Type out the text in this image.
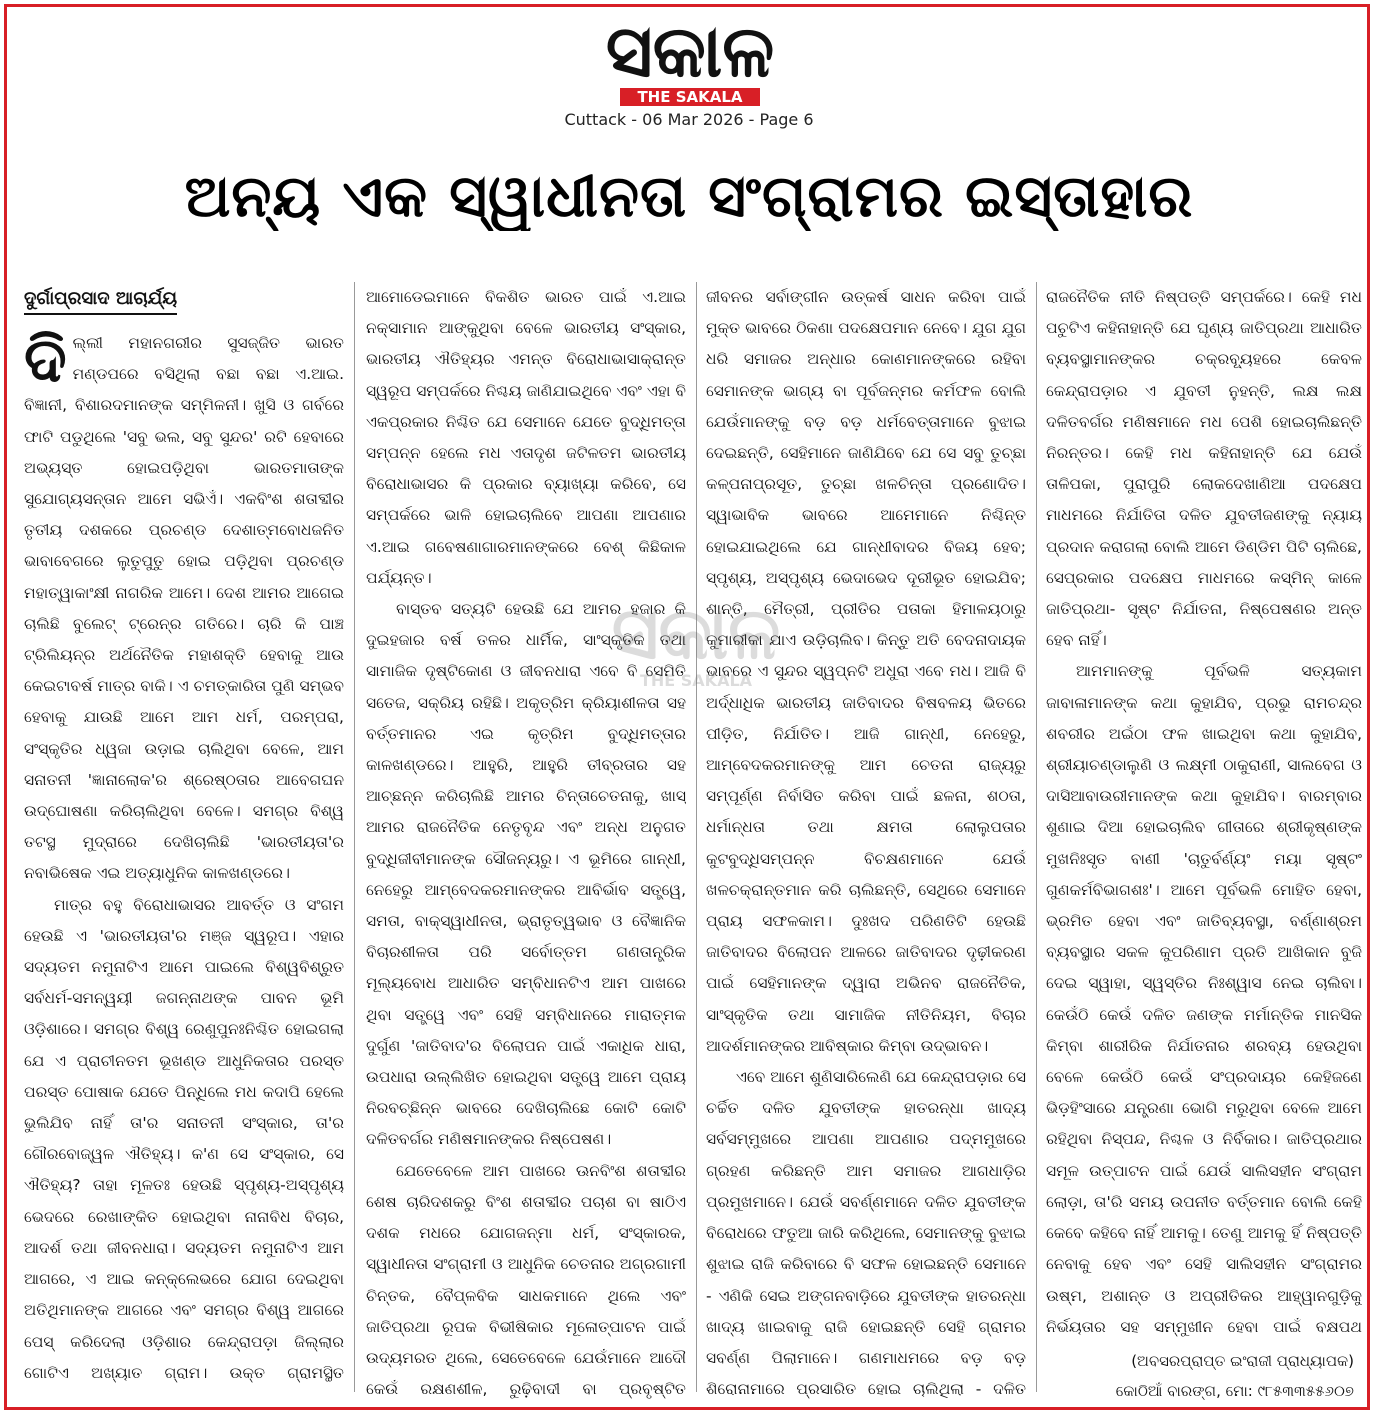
ସକାଳ
THE SAKALA
Cuttack - 06 Mar 2026 - Page 6
ଅନ୍ୟ ଏକ ସ୍ୱାଧୀନତା ସଂଗ୍ରାମର ଇସ୍ତାହାର
ଦୁର୍ଗାପ୍ରସାଦ ଆଚାର୍ଯ୍ୟ

ଦିଲ୍ଲୀ ମହାନଗରୀର ସୁସଜ୍ଜିତ ଭାରତ ମଣ୍ଡପରେ ବସିଥିଲା ବଛା ବଛା ଏ.ଆଇ. ବିଜ୍ଞାନୀ, ବିଶାରଦମାନଙ୍କ ସମ୍ମିଳନୀ। ଖୁସି ଓ ଗର୍ବରେ ଫାଟି ପଡୁଥିଲେ 'ସବୁ ଭଲ, ସବୁ ସୁନ୍ଦର' ରଟି ହେବାରେ ଅଭ୍ୟସ୍ତ ହୋଇପଡ଼ିଥିବା ଭାରତମାତାଙ୍କ ସୁଯୋଗ୍ୟସନ୍ତାନ ଆମେ ସଭିଏଁ। ଏକବିଂଶ ଶତାବ୍ଦୀର ତୃତୀୟ ଦଶକରେ ପ୍ରଚଣ୍ଡ ଦେଶାତ୍ମବୋଧଜନିତ ଭାବାବେଗରେ ଲୁତୁପୁତୁ ହୋଇ ପଡ଼ିଥିବା ପ୍ରଚଣ୍ଡ ମହାତ୍ୱାକାଂକ୍ଷୀ ନାଗରିକ ଆମେ। ଦେଶ ଆମର ଆଗେଇ ଚାଲିଛି ବୁଲେଟ୍ ଟ୍ରେନ୍‌ର ଗତିରେ। ଚାରି କି ପାଞ୍ଚ ଟ୍ରିଲିୟନ୍‌ର ଅର୍ଥନୈତିକ ମହାଶକ୍ତି ହେବାକୁ ଆଉ କେଇଟାବର୍ଷ ମାତ୍ର ବାକି। ଏ ଚମତ୍କାରିତା ପୁଣି ସମ୍ଭବ ହେବାକୁ ଯାଉଛି ଆମେ ଆମ ଧର୍ମ, ପରମ୍ପରା, ସଂସ୍କୃତିର ଧ୍ୱଜା ଉଡ଼ାଇ ଚାଲିଥିବା ବେଳେ, ଆମ ସନାତନୀ 'ଜ୍ଞାନାଲୋକ'ର ଶ୍ରେଷ୍ଠତାର ଆବେଗଘନ ଉଦ୍‌ଘୋଷଣା କରିଚାଲିଥିବା ବେଳେ। ସମଗ୍ର ବିଶ୍ୱ ତଟସ୍ଥ ମୁଦ୍ରାରେ ଦେଖିଚାଲିଛି 'ଭାରତୀୟତା'ର ନବାଭିଷେକ ଏଇ ଅତ୍ୟାଧୁନିକ କାଳଖଣ୍ଡରେ।

ମାତ୍ର ବହୁ ବିରୋଧାଭାସର ଆବର୍ତ୍ତ ଓ ସଂଗମ ହେଉଛି ଏ 'ଭାରତୀୟତା'ର ମଞ୍ଜ ସ୍ୱରୂପ। ଏହାର ସଦ୍ୟତମ ନମୁନାଟିଏ ଆମେ ପାଇଲେ ବିଶ୍ୱବିଶ୍ରୁତ ସର୍ବଧର୍ମ-ସମନ୍ୱୟୀ ଜଗନ୍ନାଥଙ୍କ ପାବନ ଭୂମି ଓଡ଼ିଶାରେ। ସମଗ୍ର ବିଶ୍ୱ ରେଣୁପୁନଃନିଶ୍ଚିତ ହୋଇଗଲା ଯେ ଏ ପ୍ରାଚୀନତମ ଭୂଖଣ୍ଡ ଆଧୁନିକତାର ପରସ୍ତ ପରସ୍ତ ପୋଷାକ ଯେତେ ପିନ୍ଧିଲେ ମଧ କଦାପି ହେଲେ ଭୁଲିଯିବ ନାହିଁ ତା'ର ସନାତନୀ ସଂସ୍କାର, ତା'ର ଗୌରବୋଜ୍ୱଳ ଐତିହ୍ୟ। କ'ଣ ସେ ସଂସ୍କାର, ସେ ଐତିହ୍ୟ? ତାହା ମୂଳତଃ ହେଉଛି ସ୍ପୃଶ୍ୟ-ଅସ୍ପୃଶ୍ୟ ଭେଦରେ ରେଖାଙ୍କିତ ହୋଇଥିବା ନାନାବିଧ ବିଚାର, ଆଦର୍ଶ ତଥା ଜୀବନଧାରା। ସଦ୍ୟତମ ନମୁନାଟିଏ ଆମ ଆଗରେ, ଏ ଆଇ କନ୍‌କ୍ଲେଭରେ ଯୋଗ ଦେଇଥିବା ଅତିଥିମାନଙ୍କ ଆଗରେ ଏବଂ ସମଗ୍ର ବିଶ୍ୱ ଆଗରେ ପେସ୍ କରିଦେଲା ଓଡ଼ିଶାର କେନ୍ଦ୍ରାପଡ଼ା ଜିଲ୍ଲାର ଗୋଟିଏ ଅଖ୍ୟାତ ଗ୍ରାମ। ଉକ୍ତ ଗ୍ରାମସ୍ଥିତ

ଆମୋଡେଇମାନେ ବିକଶିତ ଭାରତ ପାଇଁ ଏ.ଆଇ ନକ୍‌ସାମାନ ଆଙ୍କୁଥିବା ବେଳେ ଭାରତୀୟ ସଂସ୍କାର, ଭାରତୀୟ ଐତିହ୍ୟର ଏମନ୍ତ ବିରୋଧାଭାସାକ୍ରାନ୍ତ ସ୍ୱରୂପ ସମ୍ପର୍କରେ ନିଶ୍ଚୟ ଜାଣିଯାଇଥିବେ ଏବଂ ଏହା ବି ଏକପ୍ରକାର ନିଶ୍ଚିତ ଯେ ସେମାନେ ଯେତେ ବୁଦ୍ଧିମତ୍ତା ସମ୍ପନ୍ନ ହେଲେ ମଧ ଏତାଦୃଶ ଜଟିଳତମ ଭାରତୀୟ ବିରୋଧାଭାସର କି ପ୍ରକାର ବ୍ୟାଖ୍ୟା କରିବେ, ସେ ସମ୍ପର୍କରେ ଭାଳି ହୋଇଚାଲିବେ ଆପଣା ଆପଣାର ଏ.ଆଇ ଗବେଷଣାଗାରମାନଙ୍କରେ ବେଶ୍ କିଛିକାଳ ପର୍ଯ୍ୟନ୍ତ।

ବାସ୍ତବ ସତ୍ୟଟି ହେଉଛି ଯେ ଆମର ହଜାର କି ଦୁଇହଜାର ବର୍ଷ ତଳର ଧାର୍ମିକ, ସାଂସ୍କୃତିକ ତଥା ସାମାଜିକ ଦୃଷ୍ଟିକୋଣ ଓ ଜୀବନଧାରା ଏବେ ବି ସେମିତି ସତେଜ, ସକ୍ରିୟ ରହିଛି। ଅକୃତ୍ରିମ କ୍ରିୟାଶୀଳତା ସହ ବର୍ତ୍ତମାନର ଏଇ କୃତ୍ରିମ ବୁଦ୍ଧିମତ୍ତାର କାଳଖଣ୍ଡରେ। ଆହୁରି, ଆହୁରି ତୀବ୍ରତାର ସହ ଆଚ୍ଛନ୍ନ କରିଚାଲିଛି ଆମର ଚିନ୍ତାଚେତନାକୁ, ଖାସ୍ ଆମର ରାଜନୈତିକ ନେତୃବୃନ୍ଦ ଏବଂ ଅନ୍ଧ ଅନୁଗତ ବୁଦ୍ଧିଜୀବୀମାନଙ୍କ ସୌଜନ୍ୟରୁ। ଏ ଭୂମିରେ ଗାନ୍ଧୀ, ନେହେରୁ ଆମ୍ବେଦକରମାନଙ୍କର ଆବିର୍ଭାବ ସତ୍ତ୍ୱେ, ସମତା, ବାକ୍‌ସ୍ୱାଧୀନତା, ଭ୍ରାତୃତ୍ୱଭାବ ଓ ବୈଜ୍ଞାନିକ ବିଚାରଶୀଳତା ପରି ସର୍ବୋତ୍ତମ ଗଣତାନ୍ତ୍ରିକ ମୂଲ୍ୟବୋଧ ଆଧାରିତ ସମ୍ବିଧାନଟିଏ ଆମ ପାଖରେ ଥିବା ସତ୍ତ୍ୱେ ଏବଂ ସେହି ସମ୍ବିଧାନରେ ମାରାତ୍ମକ ଦୁର୍ଗୁଣ 'ଜାତିବାଦ'ର ବିଲୋପନ ପାଇଁ ଏକାଧିକ ଧାରା, ଉପଧାରା ଉଲ୍ଲିଖିତ ହୋଇଥିବା ସତ୍ତ୍ୱେ ଆମେ ପ୍ରାୟ ନିରବଚ୍ଛିନ୍ନ ଭାବରେ ଦେଖିଚାଲିଛେ କୋଟି କୋଟି ଦଳିତବର୍ଗର ମଣିଷମାନଙ୍କର ନିଷ୍ପେଷଣ।

ଯେତେବେଳେ ଆମ ପାଖରେ ଊନବିଂଶ ଶତାବ୍ଦୀର ଶେଷ ଚାରିଦଶକରୁ ବିଂଶ ଶତାବ୍ଦୀର ପଚାଶ ବା ଷାଠିଏ ଦଶକ ମଧରେ ଯୋଗଜନ୍ମା ଧର୍ମ, ସଂସ୍କାରକ, ସ୍ୱାଧୀନତା ସଂଗ୍ରାମୀ ଓ ଆଧୁନିକ ଚେତନାର ଅଗ୍ରଗାମୀ ଚିନ୍ତକ, ବୈପ୍ଳବିକ ସାଧକମାନେ ଥିଲେ ଏବଂ ଜାତିପ୍ରଥା ରୂପକ ବିଭୀଷିକାର ମୂଳୋତ୍ପାଟନ ପାଇଁ ଉଦ୍ୟମରତ ଥିଲେ, ସେତେବେଳେ ଯେଉଁମାନେ ଆଦୌ କେଉଁ ରକ୍ଷଣଶୀଳ, ରୁଢ଼ିବାଦୀ ବା ପ୍ରବୃଷ୍ଟିତ

ଜୀବନର ସର୍ବାଙ୍ଗୀନ ଉତ୍କର୍ଷ ସାଧନ କରିବା ପାଇଁ ମୁକ୍ତ ଭାବରେ ଠିକଣା ପଦକ୍ଷେପମାନ ନେବେ। ଯୁଗ ଯୁଗ ଧରି ସମାଜର ଅନ୍ଧାର କୋଣମାନଙ୍କରେ ରହିବା ସେମାନଙ୍କ ଭାଗ୍ୟ ବା ପୂର୍ବଜନ୍ମର କର୍ମଫଳ ବୋଲି ଯେଉଁମାନଙ୍କୁ ବଡ଼ ବଡ଼ ଧର୍ମବେତ୍ତାମାନେ ବୁଝାଇ ଦେଇଛନ୍ତି, ସେହିମାନେ ଜାଣିଯିବେ ଯେ ସେ ସବୁ ତୁଚ୍ଛା କଳ୍ପନାପ୍ରସୂତ, ତୁଚ୍ଛା ଖଳଚିନ୍ତା ପ୍ରଣୋଦିତ। ସ୍ୱାଭାବିକ ଭାବରେ ଆମେମାନେ ନିଶ୍ଚିନ୍ତ ହୋଇଯାଇଥିଲେ ଯେ ଗାନ୍ଧୀବାଦର ବିଜୟ ହେବ; ସ୍ପୃଶ୍ୟ, ଅସ୍ପୃଶ୍ୟ ଭେଦାଭେଦ ଦୂରୀଭୂତ ହୋଇଯିବ; ଶାନ୍ତି, ମୈତ୍ରୀ, ପ୍ରୀତିର ପତାକା ହିମାଳୟଠାରୁ କୁମାରୀକା ଯାଏ ଉଡ଼ିଚାଲିବ। କିନ୍ତୁ ଅତି ବେଦନାଦାୟକ ଭାବରେ ଏ ସୁନ୍ଦର ସ୍ୱପ୍ନଟି ଅଧୁରା ଏବେ ମଧ। ଆଜି ବି ଅର୍ଦ୍ଧାଧିକ ଭାରତୀୟ ଜାତିବାଦର ବିଷବଳୟ ଭିତରେ ପୀଡ଼ିତ, ନିର୍ଯାତିତ। ଆଜି ଗାନ୍ଧୀ, ନେହେରୁ, ଆମ୍ବେଦକରମାନଙ୍କୁ ଆମ ଚେତନା ରାଜ୍ୟରୁ ସମ୍ପୂର୍ଣ୍ଣ ନିର୍ବାସିତ କରିବା ପାଇଁ ଛଳନା, ଶଠତା, ଧର୍ମାନ୍ଧତା ତଥା କ୍ଷମତା ଲୋଲୁପତାର କୁଟବୁଦ୍ଧିସମ୍ପନ୍ନ ବିଚକ୍ଷଣମାନେ ଯେଉଁ ଖଳଚକ୍ରାନ୍ତମାନ କରି ଚାଲିଛନ୍ତି, ସେଥିରେ ସେମାନେ ପ୍ରାୟ ସଫଳକାମ। ଦୁଃଖଦ ପରିଣତିଟି ହେଉଛି ଜାତିବାଦର ବିଲୋପନ ଆଳରେ ଜାତିବାଦର ଦୃଢ଼ୀକରଣ ପାଇଁ ସେହିମାନଙ୍କ ଦ୍ୱାରା ଅଭିନବ ରାଜନୈତିକ, ସାଂସ୍କୃତିକ ତଥା ସାମାଜିକ ନୀତିନିୟମ, ବିଚାର ଆଦର୍ଶମାନଙ୍କର ଆବିଷ୍କାର କିମ୍ବା ଉଦ୍ଭାବନ।

ଏବେ ଆମେ ଶୁଣିସାରିଲେଣି ଯେ କେନ୍ଦ୍ରାପଡ଼ାର ସେ ଚର୍ଚ୍ଚିତ ଦଳିତ ଯୁବତୀଙ୍କ ହାତରନ୍ଧା ଖାଦ୍ୟ ସର୍ବସମ୍ମୁଖରେ ଆପଣା ଆପଣାର ପଦ୍ମମୁଖରେ ଗ୍ରହଣ କରିଛନ୍ତି ଆମ ସମାଜର ଆଗଧାଡ଼ିର ପ୍ରମୁଖମାନେ। ଯେଉଁ ସବର୍ଣ୍ଣମାନେ ଦଳିତ ଯୁବତୀଙ୍କ ବିରୋଧରେ ଫତୁଆ ଜାରି କରିଥିଲେ, ସେମାନଙ୍କୁ ବୁଝାଇ ଶୁଝାଇ ରାଜି କରିବାରେ ବି ସଫଳ ହୋଇଛନ୍ତି ସେମାନେ - ଏଣିକି ସେଇ ଅଙ୍ଗନବାଡ଼ିରେ ଯୁବତୀଙ୍କ ହାତରନ୍ଧା ଖାଦ୍ୟ ଖାଇବାକୁ ରାଜି ହୋଇଛନ୍ତି ସେହି ଗ୍ରାମର ସବର୍ଣ୍ଣ ପିଲାମାନେ। ଗଣମାଧମରେ ବଡ଼ ବଡ଼ ଶିରୋନାମାରେ ପ୍ରସାରିତ ହୋଇ ଚାଲିଥିଲା - ଦଳିତ

ରାଜନୈତିକ ନୀତି ନିଷ୍ପତ୍ତି ସମ୍ପର୍କରେ। କେହି ମଧ ପଚୁଟିଏ କହିନାହାନ୍ତି ଯେ ଘୃଣ୍ୟ ଜାତିପ୍ରଥା ଆଧାରିତ ବ୍ୟବସ୍ଥାମାନଙ୍କର ଚକ୍ରବ୍ୟୂହରେ କେବଳ କେନ୍ଦ୍ରାପଡ଼ାର ଏ ଯୁବତୀ ନୁହନ୍ତି, ଲକ୍ଷ ଲକ୍ଷ ଦଳିତବର୍ଗର ମଣିଷମାନେ ମଧ ପେଶି ହୋଇଚାଲିଛନ୍ତି ନିରନ୍ତର। କେହି ମଧ କହିନାହାନ୍ତି ଯେ ଯେଉଁ ତାଳିପକା, ପୁରାପୁରି ଲୋକଦେଖାଣିଆ ପଦକ୍ଷେପ ମାଧମରେ ନିର୍ଯାତିତା ଦଳିତ ଯୁବତୀଜଣଙ୍କୁ ନ୍ୟାୟ ପ୍ରଦାନ କରାଗଲା ବୋଲି ଆମେ ଡିଣ୍ଡିମ ପିଟି ଚାଲିଛେ, ସେପ୍ରକାର ପଦକ୍ଷେପ ମାଧମରେ କସ୍ମିନ୍ କାଳେ ଜାତିପ୍ରଥା- ସୃଷ୍ଟ ନିର୍ଯାତନା, ନିଷ୍ପେଷଣର ଅନ୍ତ ହେବ ନାହିଁ।

ଆମମାନଙ୍କୁ ପୂର୍ବଭଳି ସତ୍ୟକାମ ଜାବାଳାମାନଙ୍କ କଥା କୁହାଯିବ, ପ୍ରଭୁ ରାମଚନ୍ଦ୍ର ଶବରୀର ଅଇଁଠା ଫଳ ଖାଇଥିବା କଥା କୁହାଯିବ, ଶ୍ରୀୟାଚଣ୍ଡାଲୁଣି ଓ ଲକ୍ଷ୍ମୀ ଠାକୁରାଣୀ, ସାଲବେଗ ଓ ଦାସିଆବାଉରୀମାନଙ୍କ କଥା କୁହାଯିବ। ବାରମ୍ବାର ଶୁଣାଇ ଦିଆ ହୋଇଚାଲିବ ଗୀତାରେ ଶ୍ରୀକୃଷ୍ଣଙ୍କ ମୁଖନିଃସୃତ ବାଣୀ 'ଚାତୁର୍ବର୍ଣ୍ୟଂ ମୟା ସୃଷ୍ଟଂ ଗୁଣକର୍ମବିଭାଗଶଃ'। ଆମେ ପୂର୍ବଭଳି ମୋହିତ ହେବା, ଭ୍ରମିତ ହେବା ଏବଂ ଜାତିବ୍ୟବସ୍ଥା, ବର୍ଣ୍ଣାଶ୍ରମ ବ୍ୟବସ୍ଥାର ସକଳ କୁପରିଣାମ ପ୍ରତି ଆଖିକାନ ବୁଜି ଦେଇ ସ୍ୱାହା, ସ୍ୱସ୍ତିର ନିଃଶ୍ୱାସ ନେଇ ଚାଲିବା। କେଉଁଠି କେଉଁ ଦଳିତ ଜଣଙ୍କ ମର୍ମାନ୍ତିକ ମାନସିକ କିମ୍ବା ଶାରୀରିକ ନିର୍ଯାତନାର ଶରବ୍ୟ ହେଉଥିବା ବେଳେ କେଉଁଠି କେଉଁ ସଂପ୍ରଦାୟର କେହିଜଣେ ଭିଡ଼ହିଂସାରେ ଯନ୍ତ୍ରଣା ଭୋଗି ମରୁଥିବା ବେଳେ ଆମେ ରହିଥିବା ନିସ୍ପନ୍ଦ, ନିଶ୍ଚଳ ଓ ନିର୍ବିକାର। ଜାତିପ୍ରଥାର ସମୂଳ ଉତ୍ପାଟନ ପାଇଁ ଯେଉଁ ସାଲିସହୀନ ସଂଗ୍ରାମ ଲୋଡ଼ା, ତା'ରି ସମୟ ଉପନୀତ ବର୍ତ୍ତମାନ ବୋଲି କେହି କେବେ କହିବେ ନାହିଁ ଆମକୁ। ତେଣୁ ଆମକୁ ହିଁ ନିଷ୍ପତ୍ତି ନେବାକୁ ହେବ ଏବଂ ସେହି ସାଲିସହୀନ ସଂଗ୍ରାମର ଉଷ୍ମ, ଅଶାନ୍ତ ଓ ଅପ୍ରୀତିକର ଆହ୍ୱାନଗୁଡ଼ିକୁ ନିର୍ଭୟତାର ସହ ସମ୍ମୁଖୀନ ହେବା ପାଇଁ ବକ୍ଷପଥ

ସକାଳ
THE SAKALA
(ଅବସରପ୍ରାପ୍ତ ଇଂରାଜୀ ପ୍ରାଧ୍ୟାପକ)
କୋଠିଆଁ ବାରଙ୍ଗ, ମୋ: ୯୮୫୩୩୫୫୬୦୭
